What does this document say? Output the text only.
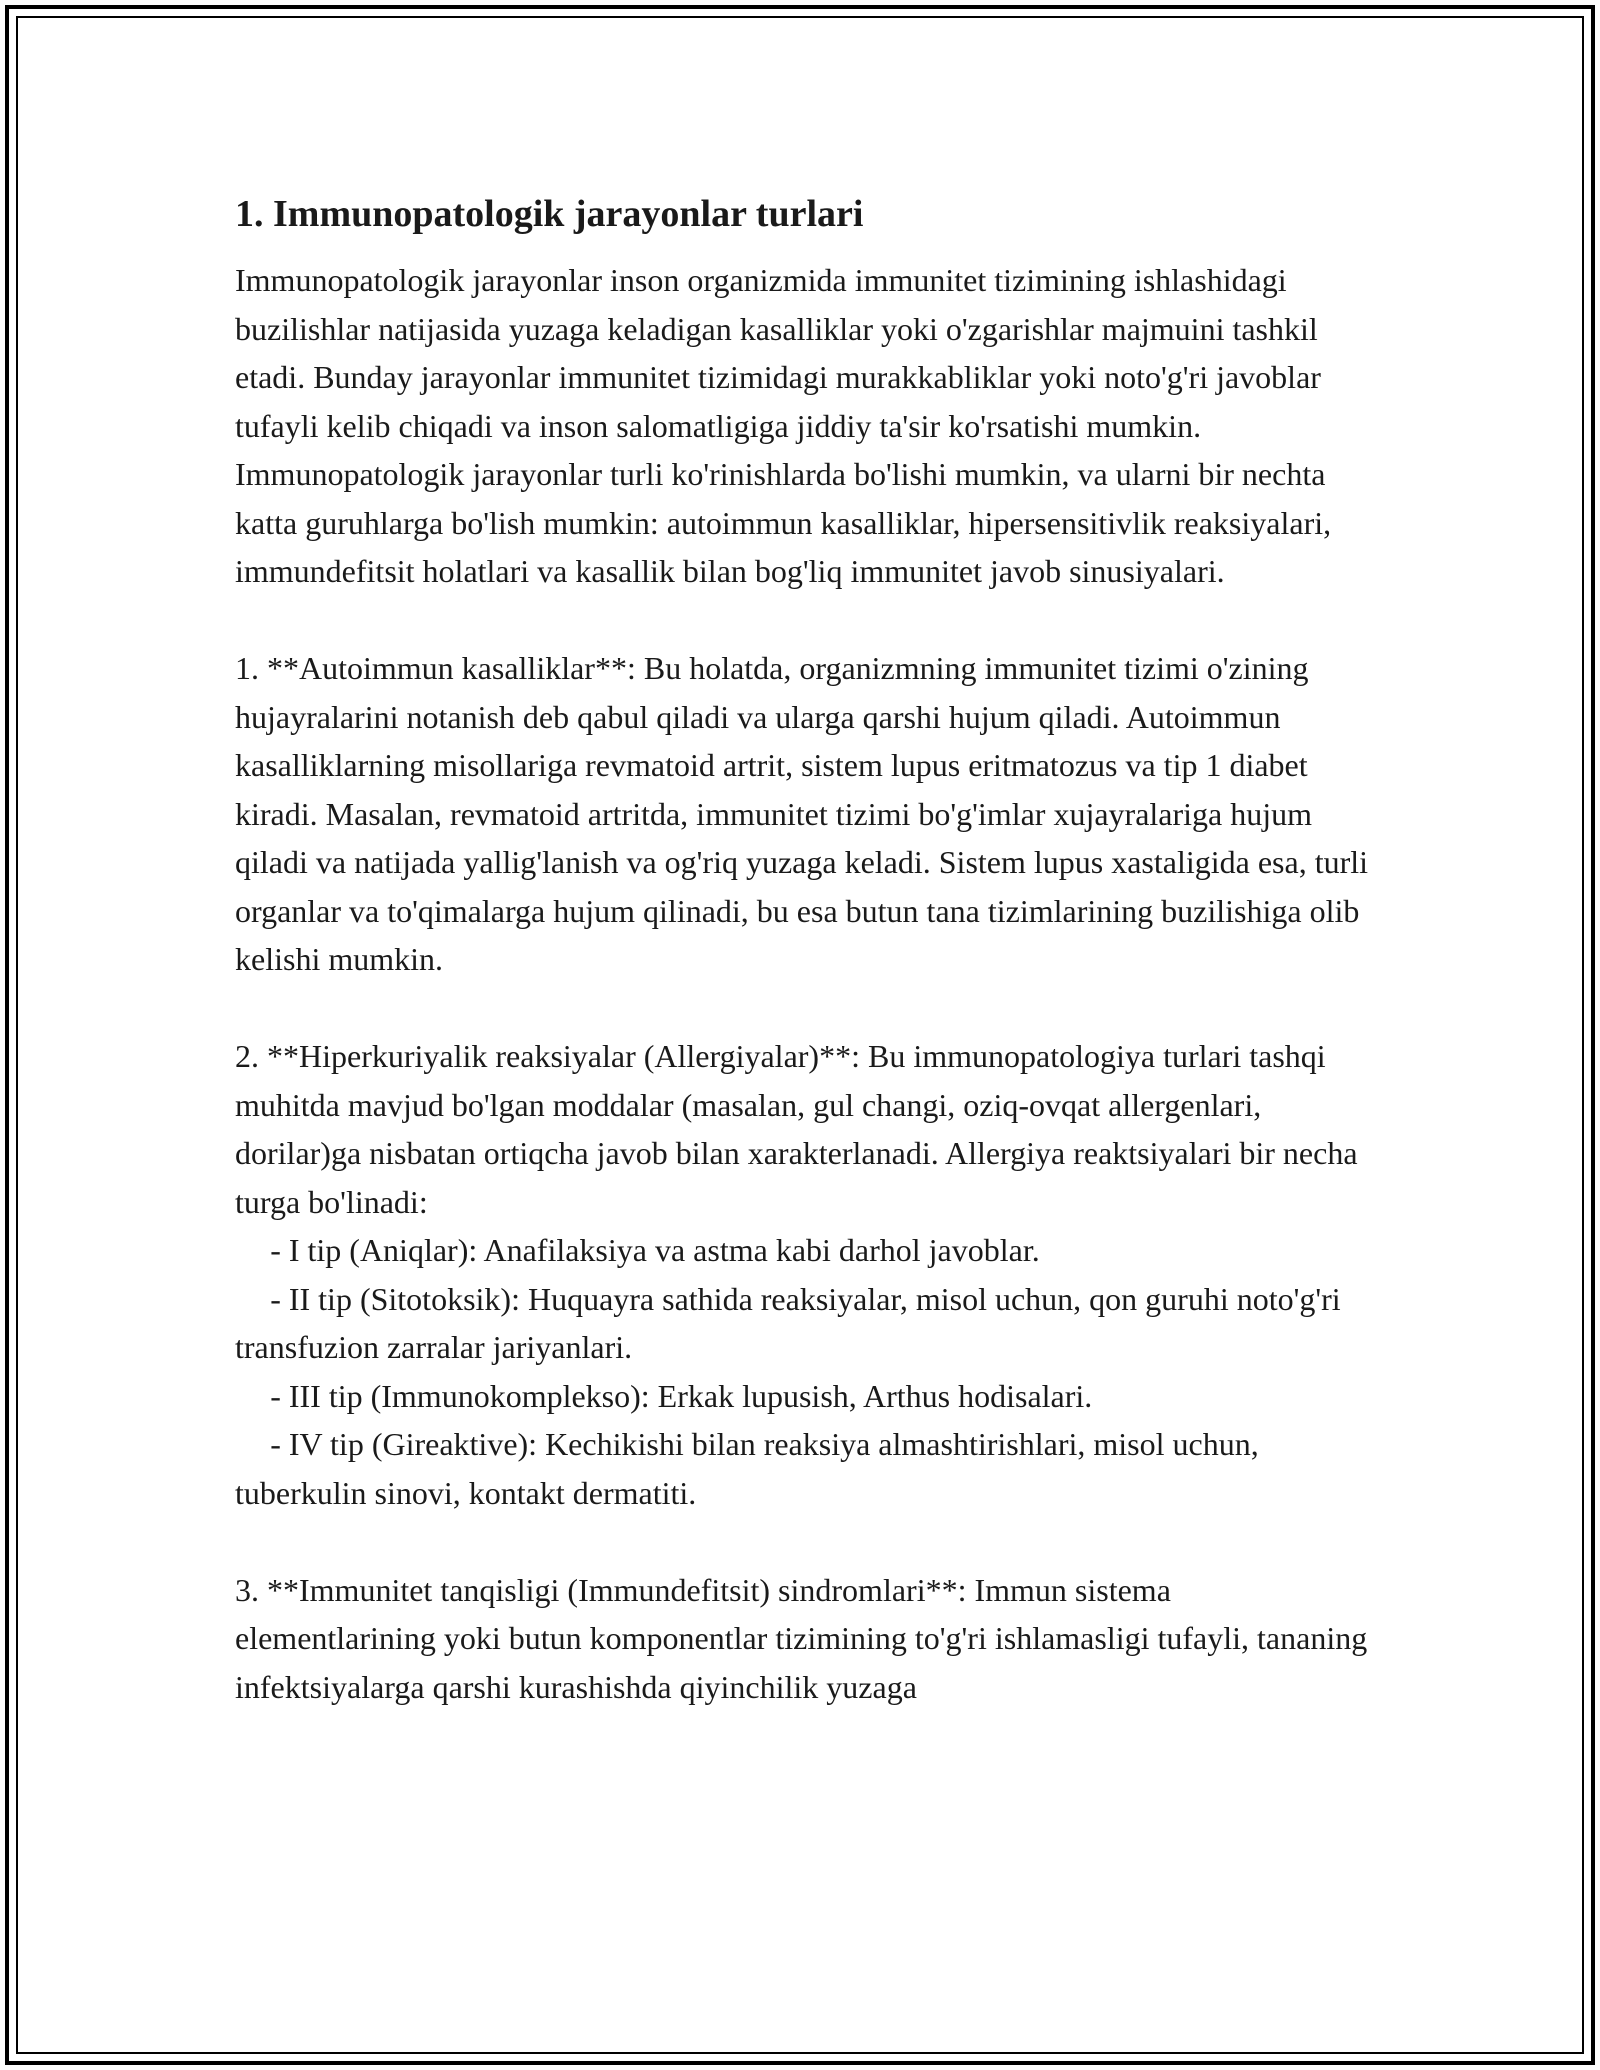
1. Immunopatologik jarayonlar turlari

Immunopatologik jarayonlar inson organizmida immunitet tizimining ishlashidagi buzilishlar natijasida yuzaga keladigan kasalliklar yoki o'zgarishlar majmuini tashkil etadi. Bunday jarayonlar immunitet tizimidagi murakkabliklar yoki noto'g'ri javoblar tufayli kelib chiqadi va inson salomatligiga jiddiy ta'sir ko'rsatishi mumkin. Immunopatologik jarayonlar turli ko'rinishlarda bo'lishi mumkin, va ularni bir nechta katta guruhlarga bo'lish mumkin: autoimmun kasalliklar, hipersensitivlik reaksiyalari, immundefitsit holatlari va kasallik bilan bog'liq immunitet javob sinusiyalari.

1. **Autoimmun kasalliklar**: Bu holatda, organizmning immunitet tizimi o'zining hujayralarini notanish deb qabul qiladi va ularga qarshi hujum qiladi. Autoimmun kasalliklarning misollariga revmatoid artrit, sistem lupus eritmatozus va tip 1 diabet kiradi. Masalan, revmatoid artritda, immunitet tizimi bo'g'imlar xujayralariga hujum qiladi va natijada yallig'lanish va og'riq yuzaga keladi. Sistem lupus xastaligida esa, turli organlar va to'qimalarga hujum qilinadi, bu esa butun tana tizimlarining buzilishiga olib kelishi mumkin.

2. **Hiperkuriyalik reaksiyalar (Allergiyalar)**: Bu immunopatologiya turlari tashqi muhitda mavjud bo'lgan moddalar (masalan, gul changi, oziq-ovqat allergenlari, dorilar)ga nisbatan ortiqcha javob bilan xarakterlanadi. Allergiya reaktsiyalari bir necha turga bo'linadi:

- I tip (Aniqlar): Anafilaksiya va astma kabi darhol javoblar.

- II tip (Sitotoksik): Huquayra sathida reaksiyalar, misol uchun, qon guruhi noto'g'ri transfuzion zarralar jariyanlari.

- III tip (Immunokomplekso): Erkak lupusish, Arthus hodisalari.

- IV tip (Gireaktive): Kechikishi bilan reaksiya almashtirishlari, misol uchun, tuberkulin sinovi, kontakt dermatiti.

3. **Immunitet tanqisligi (Immundefitsit) sindromlari**: Immun sistema elementlarining yoki butun komponentlar tizimining to'g'ri ishlamasligi tufayli, tananing infektsiyalarga qarshi kurashishda qiyinchilik yuzaga
